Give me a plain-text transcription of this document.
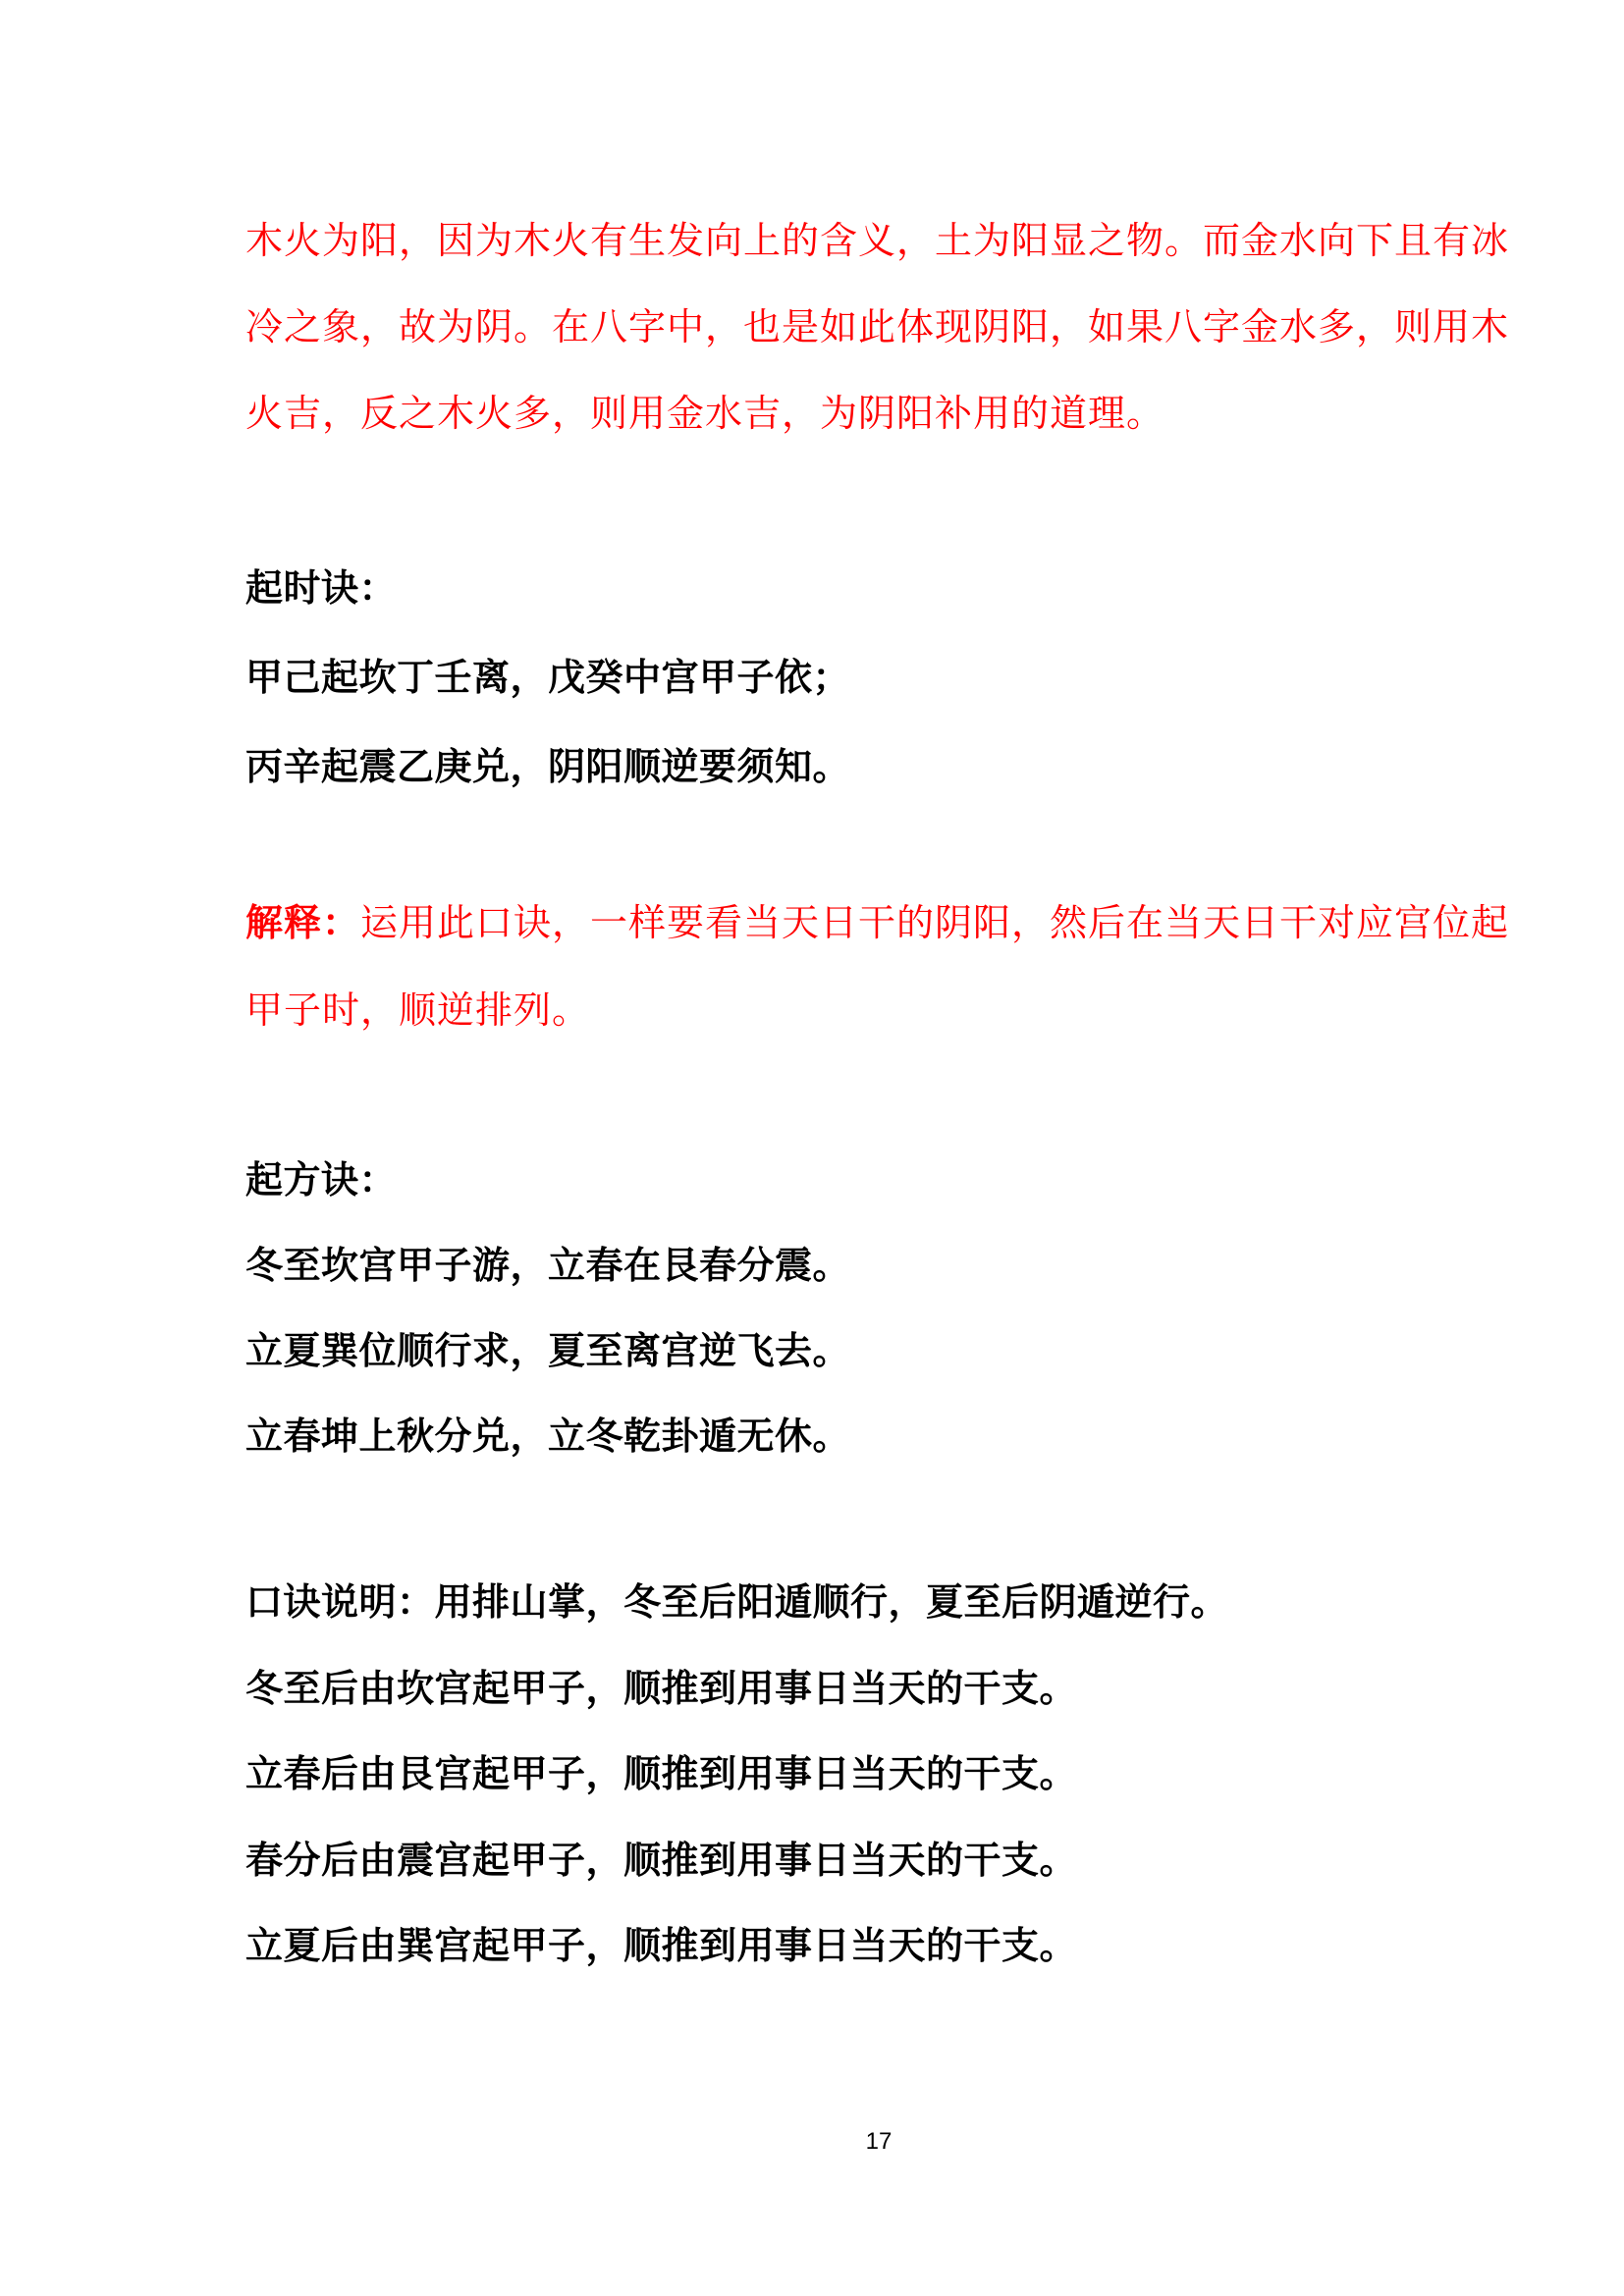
木火为阳，因为木火有生发向上的含义，土为阳显之物。而金水向下且有冰
冷之象，故为阴。在八字中，也是如此体现阴阳，如果八字金水多，则用木
火吉，反之木火多，则用金水吉，为阴阳补用的道理。
起时诀：
甲己起坎丁壬离，戊癸中宫甲子依；
丙辛起震乙庚兑，阴阳顺逆要须知。
解释：运用此口诀，一样要看当天日干的阴阳，然后在当天日干对应宫位起
甲子时，顺逆排列。
起方诀：
冬至坎宫甲子游，立春在艮春分震。
立夏巽位顺行求，夏至离宫逆飞去。
立春坤上秋分兑，立冬乾卦遁无休。
口诀说明：用排山掌，冬至后阳遁顺行，夏至后阴遁逆行。
冬至后由坎宫起甲子，顺推到用事日当天的干支。
立春后由艮宫起甲子，顺推到用事日当天的干支。
春分后由震宫起甲子，顺推到用事日当天的干支。
立夏后由巽宫起甲子，顺推到用事日当天的干支。
17
